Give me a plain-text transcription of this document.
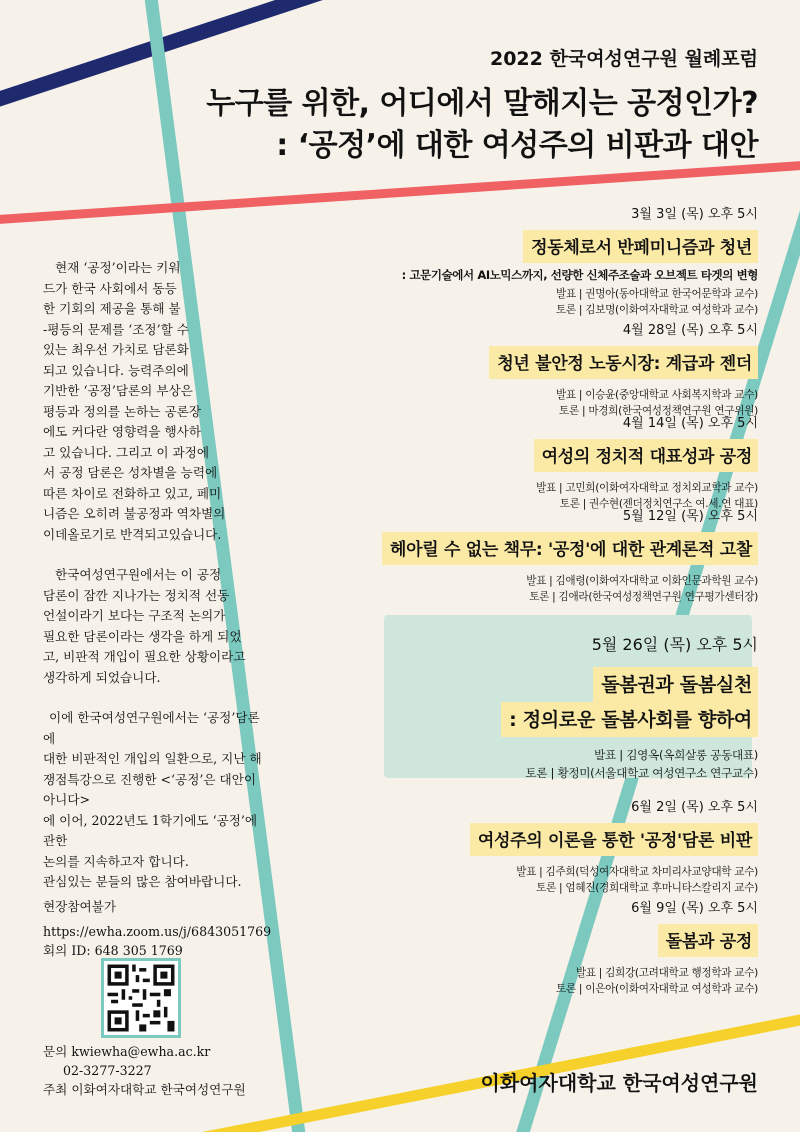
2022 한국여성연구원 월례포럼
누구를 위한, 어디에서 말해지는 공정인가?
: ‘공정’에 대한 여성주의 비판과 대안

현재 ‘공정’이라는 키워
드가 한국 사회에서 동등
한 기회의 제공을 통해 불
-평등의 문제를 ‘조정’할 수
있는 최우선 가치로 담론화
되고 있습니다. 능력주의에
기반한 ‘공정’담론의 부상은
평등과 정의를 논하는 공론장
에도 커다란 영향력을 행사하
고 있습니다. 그리고 이 과정에
서 공정 담론은 성차별을 능력에
따른 차이로 전화하고 있고, 페미
니즘은 오히려 불공정과 역차별의
이데올로기로 반격되고있습니다.

한국여성연구원에서는 이 공정
담론이 잠깐 지나가는 정치적 선동
언설이라기 보다는 구조적 논의가
필요한 담론이라는 생각을 하게 되었
고, 비판적 개입이 필요한 상황이라고
생각하게 되었습니다.

이에 한국여성연구원에서는 ‘공정’담론에
대한 비판적인 개입의 일환으로, 지난 해
쟁점특강으로 진행한 <‘공정’은 대안이 아니다>
에 이어, 2022년도 1학기에도 ‘공정’에 관한
논의를 지속하고자 합니다.
관심있는 분들의 많은 참여바랍니다.

현장참여불가
https://ewha.zoom.us/j/6843051769
회의 ID: 648 305 1769
문의 kwiewha@ewha.ac.kr
02-3277-3227
주최 이화여자대학교 한국여성연구원
3월 3일 (목) 오후 5시
정동체로서 반페미니즘과 청년
: 고문기술에서 AI노믹스까지, 선량한 신체주조술과 오브젝트 타겟의 변형
발표 | 권명아(동아대학교 한국어문학과 교수)
토론 | 김보명(이화여자대학교 여성학과 교수)
4월 28일 (목) 오후 5시
청년 불안정 노동시장: 계급과 젠더
발표 | 이승윤(중앙대학교 사회복지학과 교수)
토론 | 마경희(한국여성정책연구원 연구위원)
4월 14일 (목) 오후 5시
여성의 정치적 대표성과 공정
발표 | 고민희(이화여자대학교 정치외교학과 교수)
토론 | 권수현(젠더정치연구소 여.세.연 대표)
5월 12일 (목) 오후 5시
헤아릴 수 없는 책무: '공정'에 대한 관계론적 고찰
발표 | 김애령(이화여자대학교 이화인문과학원 교수)
토론 | 김애라(한국여성정책연구원 연구평가센터장)
5월 26일 (목) 오후 5시
돌봄권과 돌봄실천
: 정의로운 돌봄사회를 향하여
발표 | 김영옥(옥희살롱 공동대표)
토론 | 황정미(서울대학교 여성연구소 연구교수)
6월 2일 (목) 오후 5시
여성주의 이론을 통한 '공정'담론 비판
발표 | 김주희(덕성여자대학교 차미리사교양대학 교수)
토론 | 엄혜진(경희대학교 후마니타스칼리지 교수)
6월 9일 (목) 오후 5시
돌봄과 공정
발표 | 김희강(고려대학교 행정학과 교수)
토론 | 이은아(이화여자대학교 여성학과 교수)
이화여자대학교 한국여성연구원
